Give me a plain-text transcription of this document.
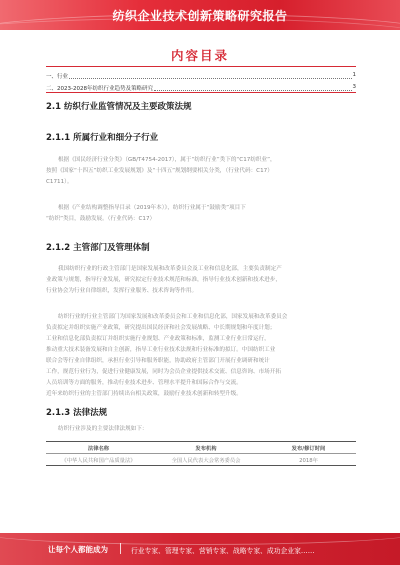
纺织企业技术创新策略研究报告
内容目录
一、行业	1
二、2023-2028年纺织行业趋势及策略研究	3
2.1 纺织行业监管情况及主要政策法规
2.1.1 所属行业和细分子行业
根据《国民经济行业分类》（GB/T4754-2017），属于“纺织行业”类下的“C17纺织业”，
按照《国家“十四五”纺织工业发展规划》及“十四五”规划纲要相关分类，（行业代码：C17）
C1711）。
根据《产业结构调整指导目录（2019年本）》，纺织行业属于“鼓励类”项目下
“纺织”类目，鼓励发展。（行业代码：C17）
2.1.2 主管部门及管理体制
我国纺织行业的行政主管部门是国家发展和改革委员会及工业和信息化部，主要负责制定产
业政策与规划，指导行业发展，研究拟定行业技术规范和标准，指导行业技术创新和技术进步，
行业协会为行业自律组织，发挥行业服务、技术咨询等作用。
纺织行业的行业主管部门为国家发展和改革委员会和工业和信息化部，国家发展和改革委员会
负责拟定并组织实施产业政策，研究提出国民经济和社会发展战略、中长期规划和年度计划；
工业和信息化部负责拟订并组织实施行业规划、产业政策和标准，监测工业行业日常运行，
推动重大技术装备发展和自主创新，指导工业行业技术法规和行业标准的拟订。中国纺织工业
联合会等行业自律组织，承担行业引导和服务职能，协助政府主管部门开展行业调研和统计
工作，规范行业行为，促进行业健康发展，同时为会员企业提供技术交流、信息咨询、市场开拓
人员培训等方面的服务，推动行业技术进步、管理水平提升和国际合作与交流。
近年来纺织行业的主管部门持续出台相关政策，鼓励行业技术创新和转型升级。
2.1.3 法律法规
纺织行业涉及的主要法律法规如下：
法律名称	发布机构	发布/修订时间
《中华人民共和国产品质量法》	全国人民代表大会常务委员会	2018年
让每个人都能成为	行业专家、管理专家、营销专家、战略专家、成功企业家……
